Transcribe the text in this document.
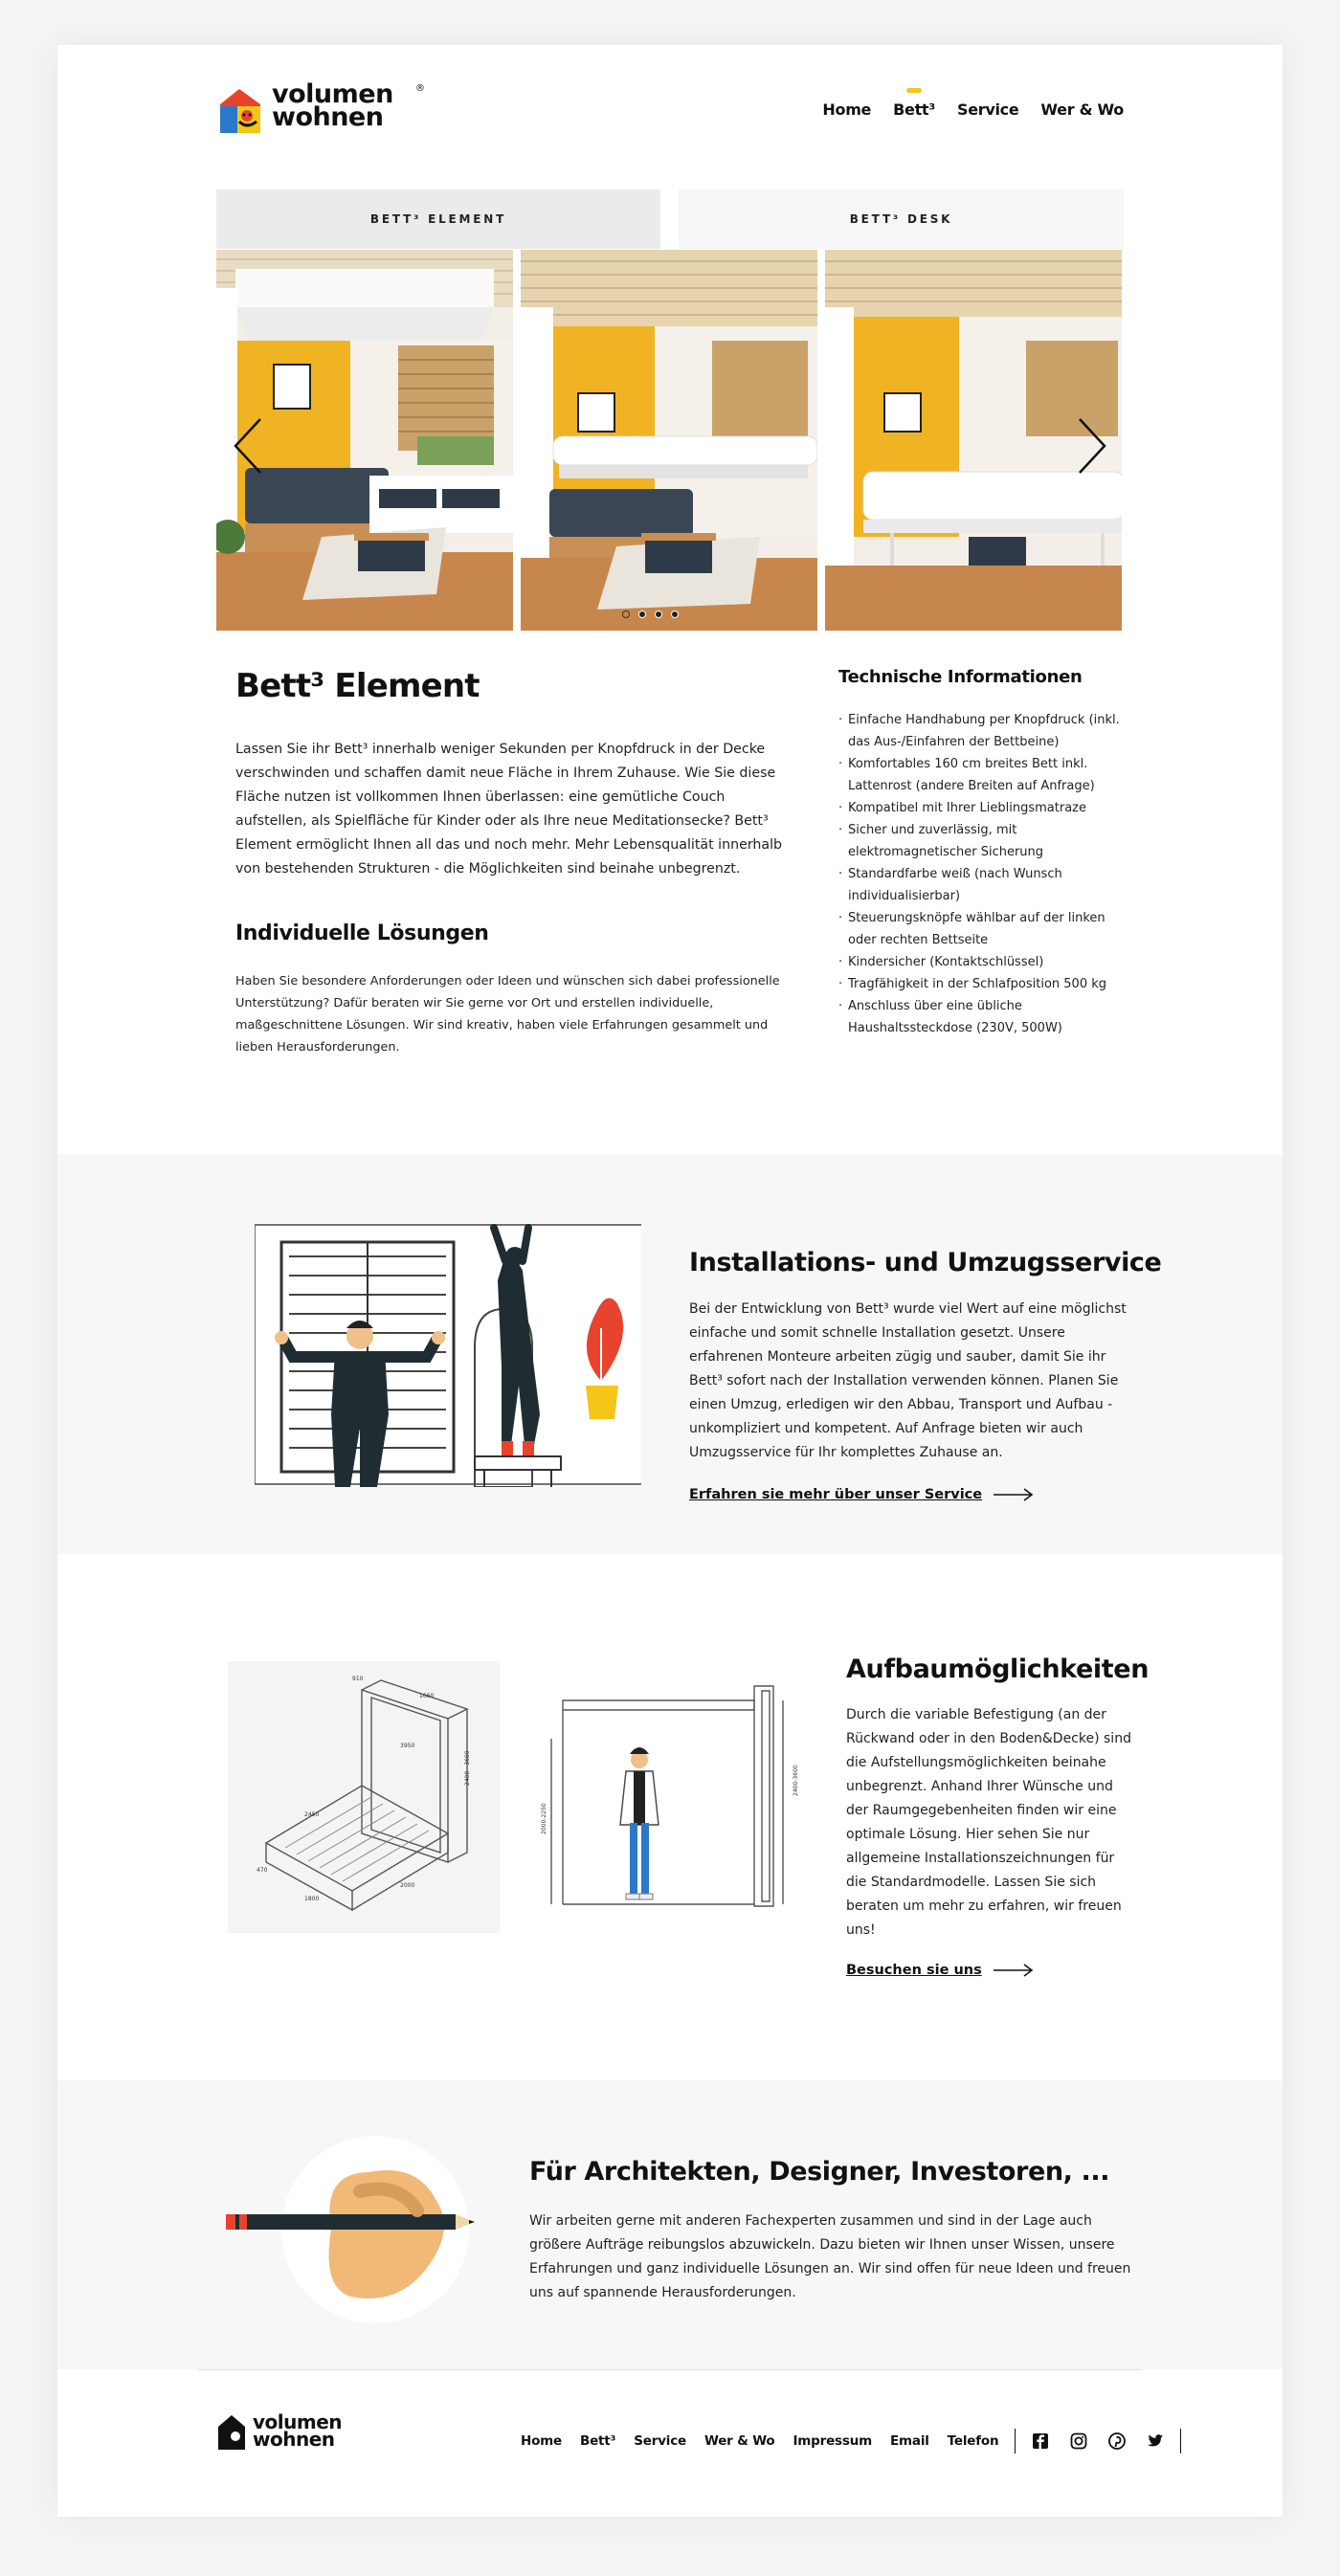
volumen
wohnen
®
Home Bett³ Service Wer & Wo
BETT³ ELEMENT	BETT³ DESK
Bett³ Element

Lassen Sie ihr Bett³ innerhalb weniger Sekunden per Knopfdruck in der Decke verschwinden und schaffen damit neue Fläche in Ihrem Zuhause. Wie Sie diese Fläche nutzen ist vollkommen Ihnen überlassen: eine gemütliche Couch aufstellen, als Spielfläche für Kinder oder als Ihre neue Meditationsecke? Bett³ Element ermöglicht Ihnen all das und noch mehr. Mehr Lebensqualität innerhalb von bestehenden Strukturen - die Möglichkeiten sind beinahe unbegrenzt.

Individuelle Lösungen

Haben Sie besondere Anforderungen oder Ideen und wünschen sich dabei professionelle Unterstützung? Dafür beraten wir Sie gerne vor Ort und erstellen individuelle, maßgeschnittene Lösungen. Wir sind kreativ, haben viele Erfahrungen gesammelt und lieben Herausforderungen.

Technische Informationen
· Einfache Handhabung per Knopfdruck (inkl. das Aus-/Einfahren der Bettbeine)
· Komfortables 160 cm breites Bett inkl. Lattenrost (andere Breiten auf Anfrage)
· Kompatibel mit Ihrer Lieblingsmatraze
· Sicher und zuverlässig, mit elektromagnetischer Sicherung
· Standardfarbe weiß (nach Wunsch individualisierbar)
· Steuerungsknöpfe wählbar auf der linken oder rechten Bettseite
· Kindersicher (Kontaktschlüssel)
· Tragfähigkeit in der Schlafposition 500 kg
· Anschluss über eine übliche Haushaltssteckdose (230V, 500W)
Installations- und Umzugsservice

Bei der Entwicklung von Bett³ wurde viel Wert auf eine möglichst einfache und somit schnelle Installation gesetzt. Unsere erfahrenen Monteure arbeiten zügig und sauber, damit Sie ihr Bett³ sofort nach der Installation verwenden können. Planen Sie einen Umzug, erledigen wir den Abbau, Transport und Aufbau - unkompliziert und kompetent. Auf Anfrage bieten wir auch Umzugsservice für Ihr komplettes Zuhause an.

Erfahren sie mehr über unser Service
910
1660
2400 - 3600
3950
2450
2000
1800
470
2400-3600
2000-2250
Aufbaumöglichkeiten

Durch die variable Befestigung (an der Rückwand oder in den Boden&Decke) sind die Aufstellungsmöglichkeiten beinahe unbegrenzt. Anhand Ihrer Wünsche und der Raumgegebenheiten finden wir eine optimale Lösung. Hier sehen Sie nur allgemeine Installationszeichnungen für die Standardmodelle. Lassen Sie sich beraten um mehr zu erfahren, wir freuen uns!

Besuchen sie uns
Für Architekten, Designer, Investoren, ...

Wir arbeiten gerne mit anderen Fachexperten zusammen und sind in der Lage auch größere Aufträge reibungslos abzuwickeln. Dazu bieten wir Ihnen unser Wissen, unsere Erfahrungen und ganz individuelle Lösungen an. Wir sind offen für neue Ideen und freuen uns auf spannende Herausforderungen.

volumen
wohnen	Home Bett³ Service Wer & Wo Impressum Email Telefon
